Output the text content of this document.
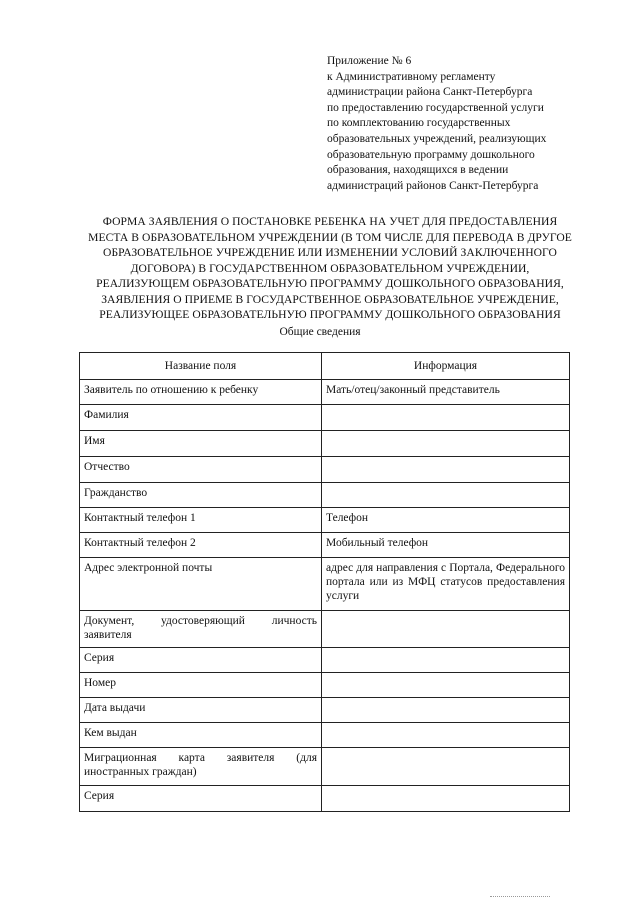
Приложение № 6
к Административному регламенту
администрации района Санкт-Петербурга
по предоставлению государственной услуги
по комплектованию государственных
образовательных учреждений, реализующих
образовательную программу дошкольного
образования, находящихся в ведении
администраций районов Санкт-Петербурга
ФОРМА ЗАЯВЛЕНИЯ О ПОСТАНОВКЕ РЕБЕНКА НА УЧЕТ ДЛЯ ПРЕДОСТАВЛЕНИЯ
МЕСТА В ОБРАЗОВАТЕЛЬНОМ УЧРЕЖДЕНИИ (В ТОМ ЧИСЛЕ ДЛЯ ПЕРЕВОДА В ДРУГОЕ
ОБРАЗОВАТЕЛЬНОЕ УЧРЕЖДЕНИЕ ИЛИ ИЗМЕНЕНИИ УСЛОВИЙ ЗАКЛЮЧЕННОГО
ДОГОВОРА) В ГОСУДАРСТВЕННОМ ОБРАЗОВАТЕЛЬНОМ УЧРЕЖДЕНИИ,
РЕАЛИЗУЮЩЕМ ОБРАЗОВАТЕЛЬНУЮ ПРОГРАММУ ДОШКОЛЬНОГО ОБРАЗОВАНИЯ,
ЗАЯВЛЕНИЯ О ПРИЕМЕ В ГОСУДАРСТВЕННОЕ ОБРАЗОВАТЕЛЬНОЕ УЧРЕЖДЕНИЕ,
РЕАЛИЗУЮЩЕЕ ОБРАЗОВАТЕЛЬНУЮ ПРОГРАММУ ДОШКОЛЬНОГО ОБРАЗОВАНИЯ
Общие сведения
Название поля	Информация
Заявитель по отношению к ребенку	Мать/отец/законный представитель
Фамилия	
Имя	
Отчество	
Гражданство	
Контактный телефон 1	Телефон
Контактный телефон 2	Мобильный телефон
Адрес электронной почты	адрес для направления с Портала, Федерального портала или из МФЦ статусов предоставления услуги
Документ, удостоверяющий личность заявителя	
Серия	
Номер	
Дата выдачи	
Кем выдан	
Миграционная карта заявителя (для иностранных граждан)	
Серия	
